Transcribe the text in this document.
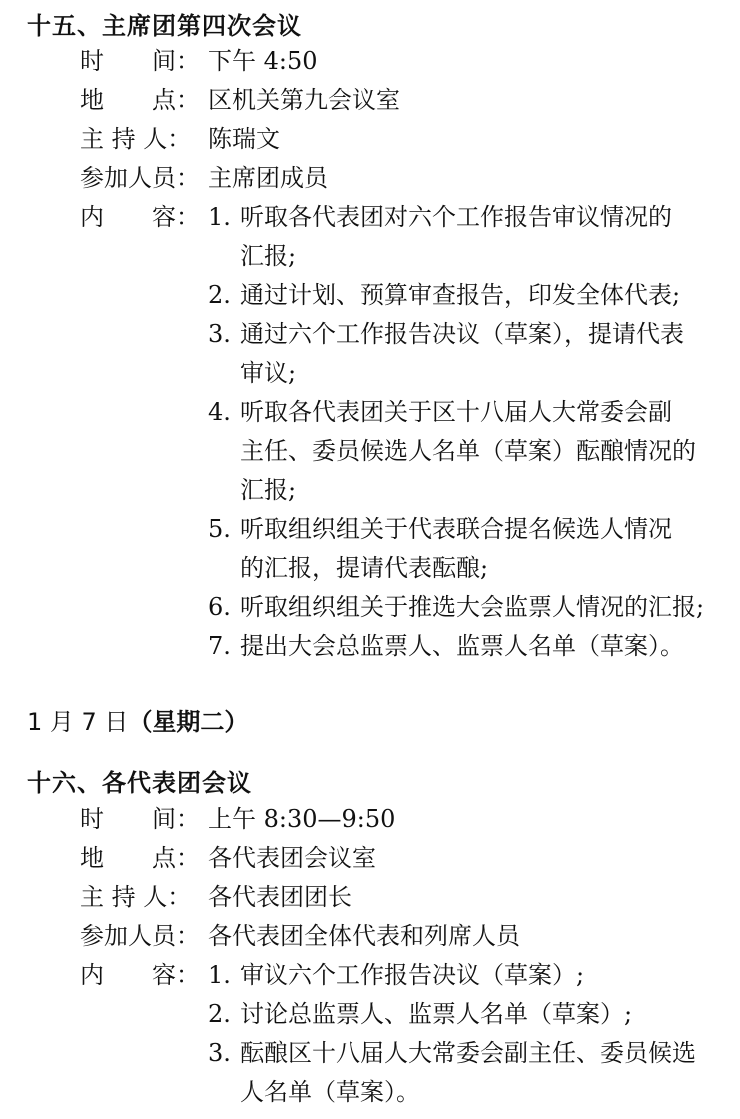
十五、主席团第四次会议
时　　间： 下午 4:50
地　　点： 区机关第九会议室
主 持 人： 陈瑞文
参加人员： 主席团成员
内　　容： 1. 听取各代表团对六个工作报告审议情况的
汇报;
2. 通过计划、预算审查报告，印发全体代表;
3. 通过六个工作报告决议（草案），提请代表
审议;
4. 听取各代表团关于区十八届人大常委会副
主任、委员候选人名单（草案）酝酿情况的
汇报;
5. 听取组织组关于代表联合提名候选人情况
的汇报，提请代表酝酿;
6. 听取组织组关于推选大会监票人情况的汇报;
7. 提出大会总监票人、监票人名单（草案）。
1 月 7 日（星期二）
十六、各代表团会议
时　　间： 上午 8:30—9:50
地　　点： 各代表团会议室
主 持 人： 各代表团团长
参加人员： 各代表团全体代表和列席人员
内　　容： 1. 审议六个工作报告决议（草案）;
2. 讨论总监票人、监票人名单（草案）;
3. 酝酿区十八届人大常委会副主任、委员候选
人名单（草案）。
